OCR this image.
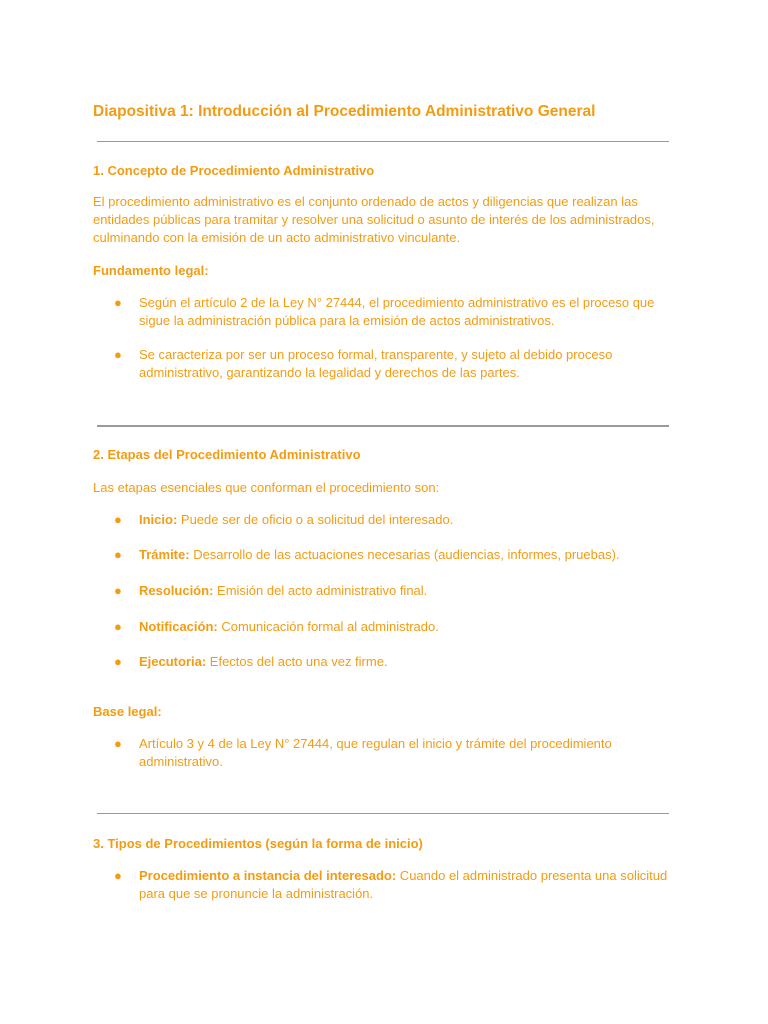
Diapositiva 1: Introducción al Procedimiento Administrativo General
1. Concepto de Procedimiento Administrativo
El procedimiento administrativo es el conjunto ordenado de actos y diligencias que realizan las entidades públicas para tramitar y resolver una solicitud o asunto de interés de los administrados, culminando con la emisión de un acto administrativo vinculante.
Fundamento legal:
● Según el artículo 2 de la Ley N° 27444, el procedimiento administrativo es el proceso que sigue la administración pública para la emisión de actos administrativos.
● Se caracteriza por ser un proceso formal, transparente, y sujeto al debido proceso administrativo, garantizando la legalidad y derechos de las partes.
2. Etapas del Procedimiento Administrativo
Las etapas esenciales que conforman el procedimiento son:
● Inicio: Puede ser de oficio o a solicitud del interesado.
● Trámite: Desarrollo de las actuaciones necesarias (audiencias, informes, pruebas).
● Resolución: Emisión del acto administrativo final.
● Notificación: Comunicación formal al administrado.
● Ejecutoria: Efectos del acto una vez firme.
Base legal:
● Artículo 3 y 4 de la Ley N° 27444, que regulan el inicio y trámite del procedimiento administrativo.
3. Tipos de Procedimientos (según la forma de inicio)
● Procedimiento a instancia del interesado: Cuando el administrado presenta una solicitud para que se pronuncie la administración.
